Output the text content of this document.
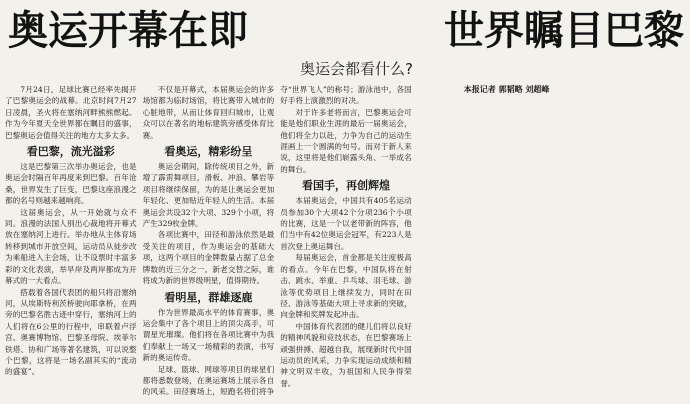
奥运开幕在即	世界瞩目巴黎
奥运会都看什么?

7月24日，足球比赛已经率先揭开了巴黎奥运会的战幕。北京时间7月27日凌晨，圣火将在塞纳河畔熊熊燃起。作为今年夏天全世界都在瞩目的盛事，巴黎奥运会值得关注的地方太多太多。

看巴黎，流光溢彩

这是巴黎第三次举办奥运会，也是奥运会时隔百年再度来到巴黎。百年沧桑，世界发生了巨变，巴黎这座浪漫之都的名号则越来越响亮。

这届奥运会，从一开始就与众不同。浪漫的法国人别出心裁地将开幕式放在塞纳河上进行。举办地从主体育场转移到城市开放空间，运动员从徒步改为乘船进入主会场，让不设票时丰富多彩的文化表演，举旱岸及两岸都成为开幕式的一大看点。

搭载着各国代表团的船只将沿塞纳河，从埃斯特利茨桥驶向耶拿桥，在两旁的巴黎名胜古迹中穿行，塞纳河上的人们将在6公里的行程中，串联着卢浮宫、奥赛博物馆、巴黎圣母院、埃菲尔铁塔、协和广场等著名建筑，可以说整个巴黎，这将是一场名副其实的“流动的盛宴”。

不仅是开幕式，本届奥运会的许多场馆都为临时场馆，将比赛带入城市的心脏地带，从而让体育回归城市，让观众可以在著名的地标建筑旁感受体育比赛。

看奥运，精彩纷呈

奥运会期间，除传统项目之外，新增了霹雳舞项目，滑板、冲浪、攀岩等项目将继续保留，为的是让奥运会更加年轻化、更加贴近年轻人的生活。本届奥运会共设32个大项、329个小项，将产生329枚金牌。

各项比赛中，田径和游泳依然是最受关注的项目，作为奥运会的基础大项，这两个项目的金牌数量占据了总金牌数的近三分之一。新老交替之际，谁将成为新的世界级明星，值得期待。

看明星，群雄逐鹿

作为世界最高水平的体育赛事，奥运会集中了各个项目上的顶尖高手，可谓星光璀璨。他们将在各项比赛中为我们奉献上一场又一场精彩的表演，书写新的奥运传奇。

足球、篮球、网球等项目的球星们都将悉数登场，在奥运赛场上展示各自的风采。田径赛场上，短跑名将们将争夺“世界飞人”的称号；游泳池中，各国好手将上演激烈的对决。

对于许多老将而言，巴黎奥运会可能是他们职业生涯的最后一届奥运会，他们将全力以赴，力争为自己的运动生涯画上一个圆满的句号。而对于新人来说，这里将是他们崭露头角、一举成名的舞台。

看国手，再创辉煌

本届奥运会，中国共有405名运动员参加30个大项42个分项236个小项的比赛，这是一个以老带新的阵容，他们当中有42位奥运会冠军，有223人是首次登上奥运舞台。

每届奥运会，首金都是关注度极高的看点。今年在巴黎，中国队将在射击、跳水、举重、乒乓球、羽毛球、游泳等优势项目上继续发力，同时在田径、游泳等基础大项上寻求新的突破，向金牌和奖牌发起冲击。

中国体育代表团的健儿们将以良好的精神风貌和竞技状态，在巴黎赛场上顽强拼搏、超越自我，展现新时代中国运动员的风采，力争实现运动成绩和精神文明双丰收，为祖国和人民争得荣誉。

本报记者 郭韬略 刘超峰
